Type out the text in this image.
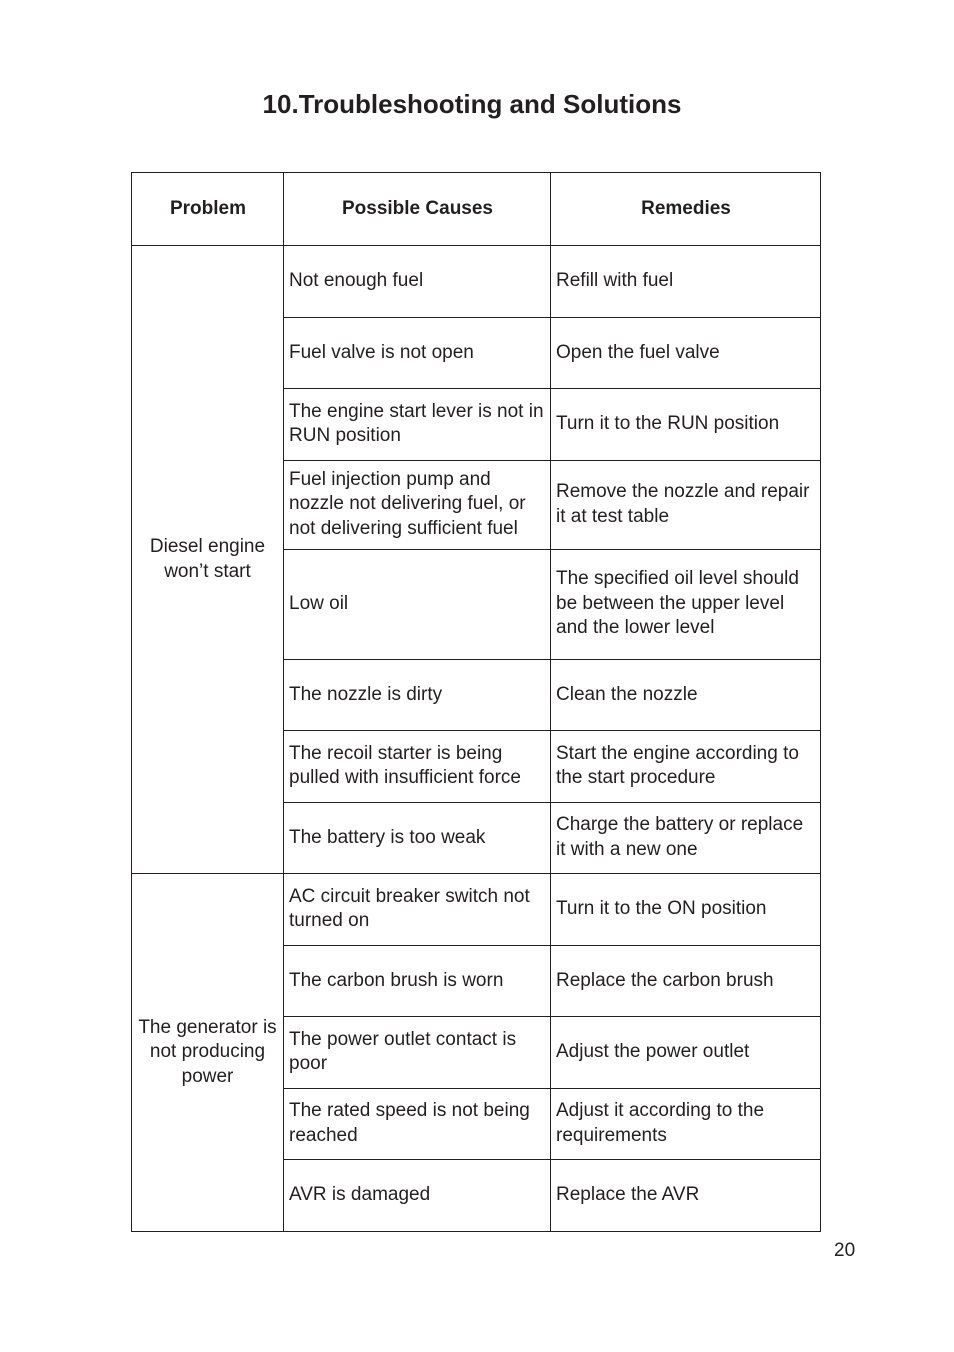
10.Troubleshooting and Solutions
Problem	Possible Causes	Remedies
Diesel engine won’t start	Not enough fuel	Refill with fuel
	Fuel valve is not open	Open the fuel valve
	The engine start lever is not in RUN position	Turn it to the RUN position
	Fuel injection pump and nozzle not delivering fuel, or not delivering sufficient fuel	Remove the nozzle and repair it at test table
	Low oil	The specified oil level should be between the upper level and the lower level
	The nozzle is dirty	Clean the nozzle
	The recoil starter is being pulled with insufficient force	Start the engine according to the start procedure
	The battery is too weak	Charge the battery or replace it with a new one
The generator is not producing power	AC circuit breaker switch not turned on	Turn it to the ON position
	The carbon brush is worn	Replace the carbon brush
	The power outlet contact is poor	Adjust the power outlet
	The rated speed is not being reached	Adjust it according to the requirements
	AVR is damaged	Replace the AVR
20
